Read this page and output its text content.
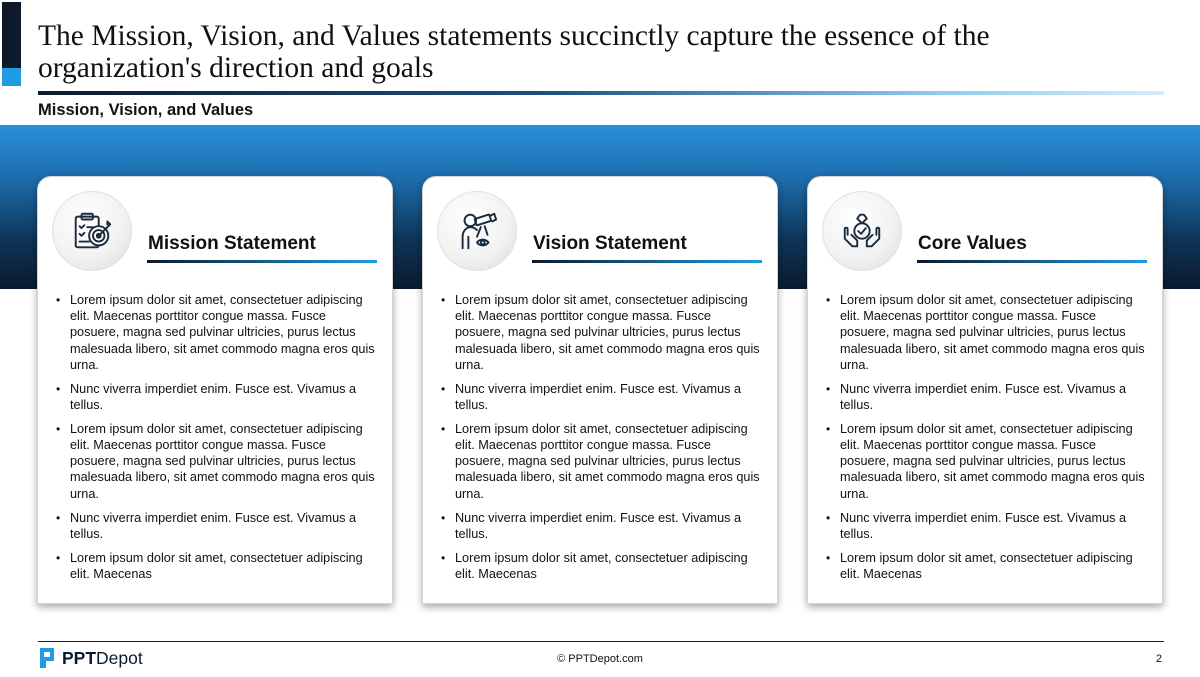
The Mission, Vision, and Values statements succinctly capture the essence of the organization's direction and goals
Mission, Vision, and Values
Mission Statement
• Lorem ipsum dolor sit amet, consectetuer adipiscing elit. Maecenas porttitor congue massa. Fusce posuere, magna sed pulvinar ultricies, purus lectus malesuada libero, sit amet commodo magna eros quis urna.
• Nunc viverra imperdiet enim. Fusce est. Vivamus a tellus.
• Lorem ipsum dolor sit amet, consectetuer adipiscing elit. Maecenas porttitor congue massa. Fusce posuere, magna sed pulvinar ultricies, purus lectus malesuada libero, sit amet commodo magna eros quis urna.
• Nunc viverra imperdiet enim. Fusce est. Vivamus a tellus.
• Lorem ipsum dolor sit amet, consectetuer adipiscing elit. Maecenas
Vision Statement
• Lorem ipsum dolor sit amet, consectetuer adipiscing elit. Maecenas porttitor congue massa. Fusce posuere, magna sed pulvinar ultricies, purus lectus malesuada libero, sit amet commodo magna eros quis urna.
• Nunc viverra imperdiet enim. Fusce est. Vivamus a tellus.
• Lorem ipsum dolor sit amet, consectetuer adipiscing elit. Maecenas porttitor congue massa. Fusce posuere, magna sed pulvinar ultricies, purus lectus malesuada libero, sit amet commodo magna eros quis urna.
• Nunc viverra imperdiet enim. Fusce est. Vivamus a tellus.
• Lorem ipsum dolor sit amet, consectetuer adipiscing elit. Maecenas
Core Values
• Lorem ipsum dolor sit amet, consectetuer adipiscing elit. Maecenas porttitor congue massa. Fusce posuere, magna sed pulvinar ultricies, purus lectus malesuada libero, sit amet commodo magna eros quis urna.
• Nunc viverra imperdiet enim. Fusce est. Vivamus a tellus.
• Lorem ipsum dolor sit amet, consectetuer adipiscing elit. Maecenas porttitor congue massa. Fusce posuere, magna sed pulvinar ultricies, purus lectus malesuada libero, sit amet commodo magna eros quis urna.
• Nunc viverra imperdiet enim. Fusce est. Vivamus a tellus.
• Lorem ipsum dolor sit amet, consectetuer adipiscing elit. Maecenas
PPTDepot	© PPTDepot.com	2
